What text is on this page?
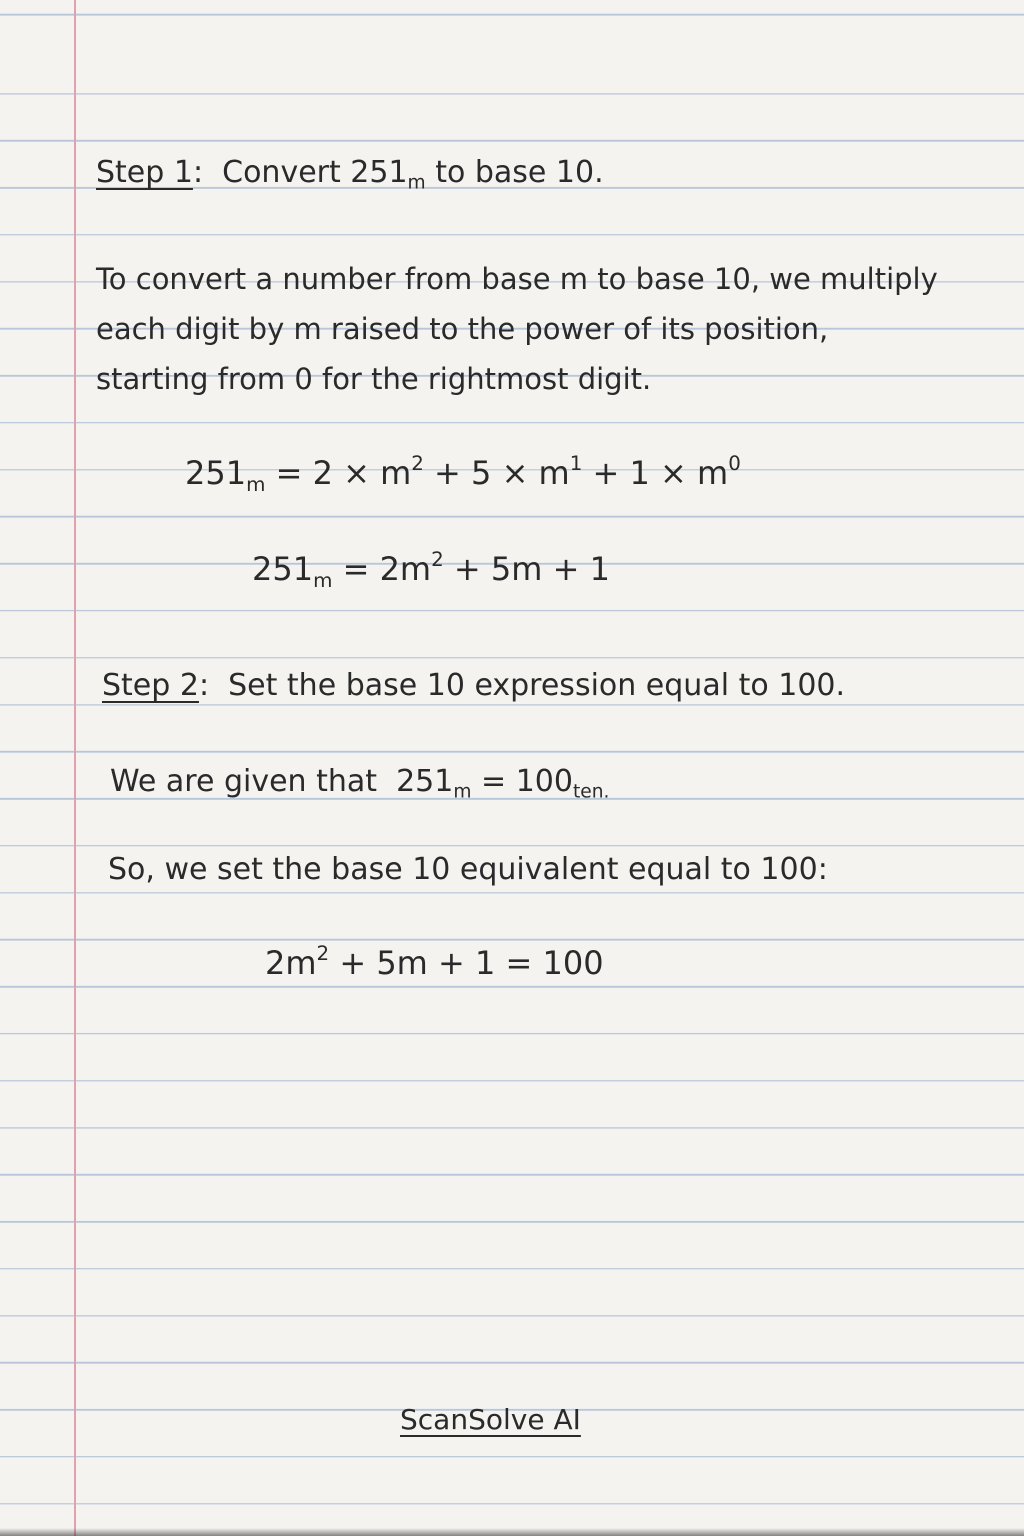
Step 1:  Convert $251_m$ to base 10.
To convert a number from base m to base 10, we multiply
each digit by m raised to the power of its position,
starting from 0 for the rightmost digit.
$251_m = 2 \times m^2 + 5 \times m^1 + 1 \times m^0$
$251_m = 2m^2 + 5m + 1$
Step 2:  Set the base 10 expression equal to 100.
We are given that $251_m = 100_{ten.}$
So, we set the base 10 equivalent equal to 100:
$2m^2 + 5m + 1 = 100$
ScanSolve AI
